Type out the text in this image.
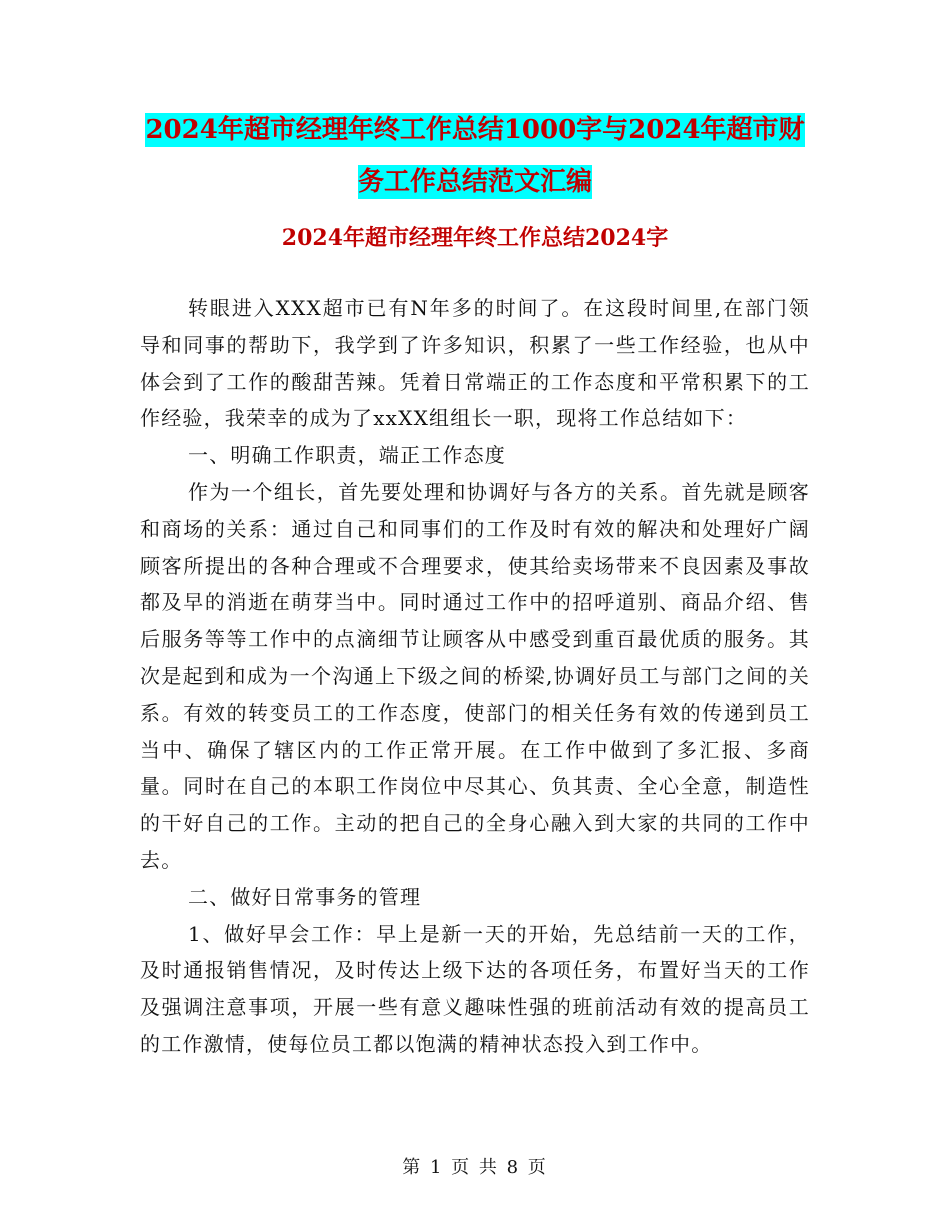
2024年超市经理年终工作总结1000字与2024年超市财务工作总结范文汇编
2024年超市经理年终工作总结2024字

转眼进入XXX超市已有N年多的时间了。在这段时间里,在部门领导和同事的帮助下，我学到了许多知识，积累了一些工作经验，也从中体会到了工作的酸甜苦辣。凭着日常端正的工作态度和平常积累下的工作经验，我荣幸的成为了xxXX组组长一职，现将工作总结如下：

一、明确工作职责，端正工作态度

作为一个组长，首先要处理和协调好与各方的关系。首先就是顾客和商场的关系：通过自己和同事们的工作及时有效的解决和处理好广阔顾客所提出的各种合理或不合理要求，使其给卖场带来不良因素及事故都及早的消逝在萌芽当中。同时通过工作中的招呼道别、商品介绍、售后服务等等工作中的点滴细节让顾客从中感受到重百最优质的服务。其次是起到和成为一个沟通上下级之间的桥梁,协调好员工与部门之间的关系。有效的转变员工的工作态度，使部门的相关任务有效的传递到员工当中、确保了辖区内的工作正常开展。在工作中做到了多汇报、多商量。同时在自己的本职工作岗位中尽其心、负其责、全心全意，制造性的干好自己的工作。主动的把自己的全身心融入到大家的共同的工作中去。

二、做好日常事务的管理

1、做好早会工作：早上是新一天的开始，先总结前一天的工作，及时通报销售情况，及时传达上级下达的各项任务，布置好当天的工作及强调注意事项，开展一些有意义趣味性强的班前活动有效的提高员工的工作激情，使每位员工都以饱满的精神状态投入到工作中。

第 1 页 共 8 页
